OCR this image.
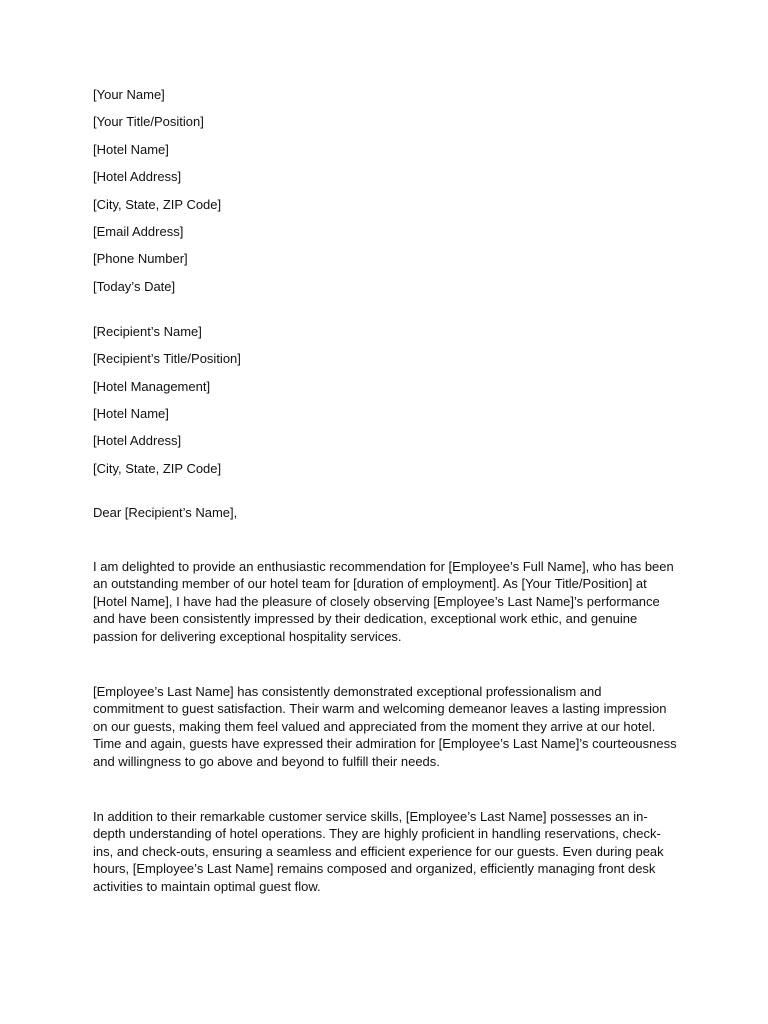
[Your Name]

[Your Title/Position]

[Hotel Name]

[Hotel Address]

[City, State, ZIP Code]

[Email Address]

[Phone Number]

[Today’s Date]

[Recipient’s Name]

[Recipient’s Title/Position]

[Hotel Management]

[Hotel Name]

[Hotel Address]

[City, State, ZIP Code]

Dear [Recipient’s Name],

I am delighted to provide an enthusiastic recommendation for [Employee’s Full Name], who has been
an outstanding member of our hotel team for [duration of employment]. As [Your Title/Position] at
[Hotel Name], I have had the pleasure of closely observing [Employee’s Last Name]’s performance
and have been consistently impressed by their dedication, exceptional work ethic, and genuine
passion for delivering exceptional hospitality services.
[Employee’s Last Name] has consistently demonstrated exceptional professionalism and
commitment to guest satisfaction. Their warm and welcoming demeanor leaves a lasting impression
on our guests, making them feel valued and appreciated from the moment they arrive at our hotel.
Time and again, guests have expressed their admiration for [Employee’s Last Name]’s courteousness
and willingness to go above and beyond to fulfill their needs.
In addition to their remarkable customer service skills, [Employee’s Last Name] possesses an in-
depth understanding of hotel operations. They are highly proficient in handling reservations, check-
ins, and check-outs, ensuring a seamless and efficient experience for our guests. Even during peak
hours, [Employee’s Last Name] remains composed and organized, efficiently managing front desk
activities to maintain optimal guest flow.
